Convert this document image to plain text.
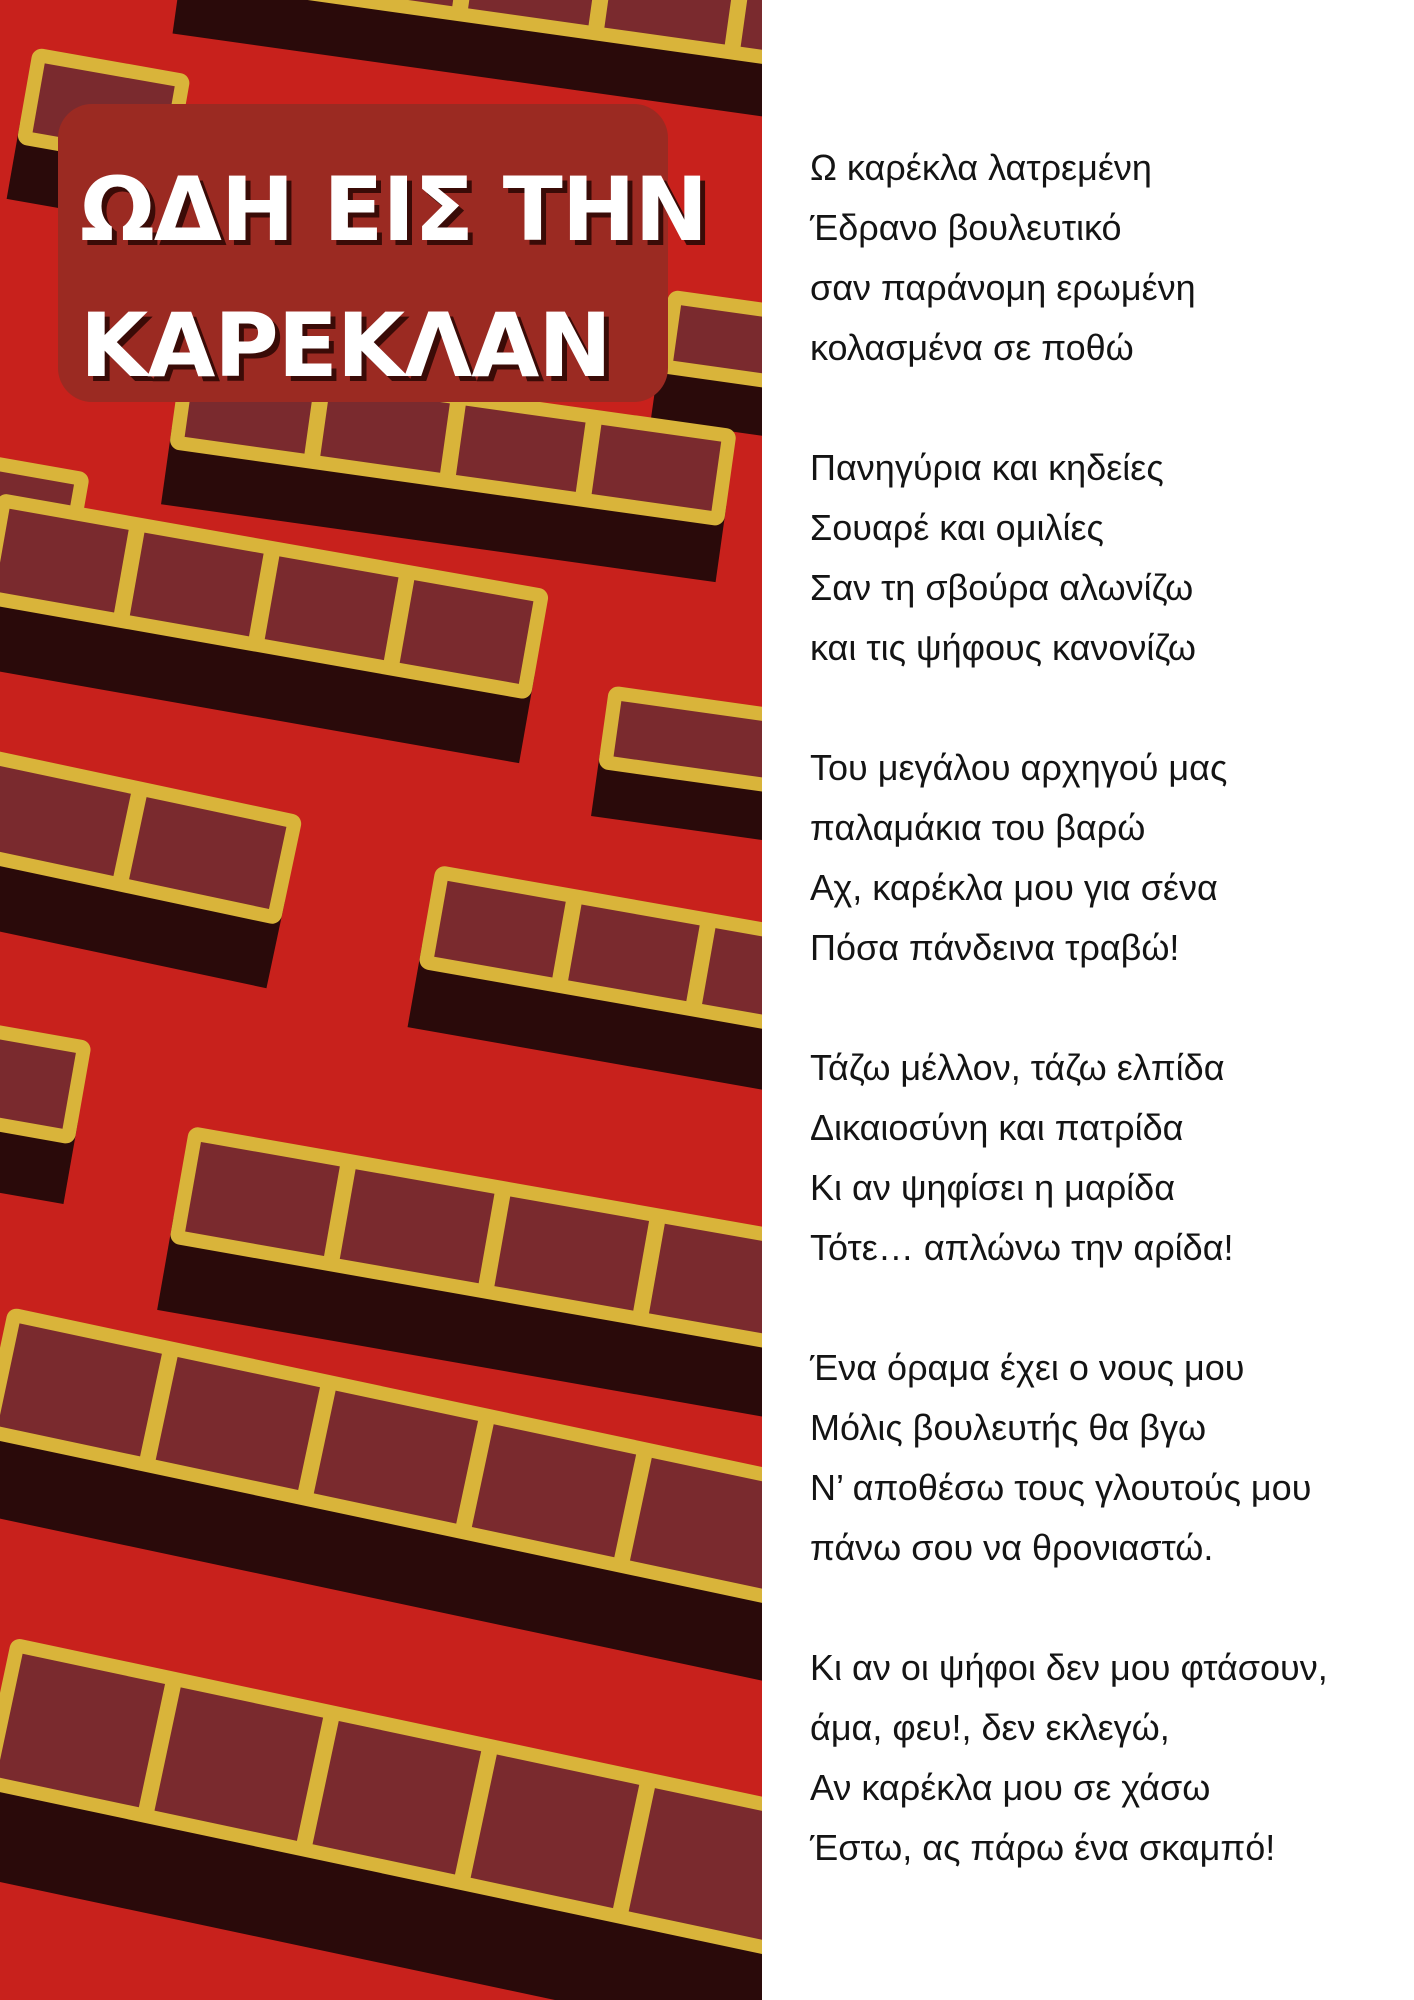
ΩΔΗ ΕΙΣ ΤΗΝ
ΚΑΡΕΚΛΑΝ
Ω καρέκλα λατρεμένη
Έδρανο βουλευτικό
σαν παράνομη ερωμένη
κολασμένα σε ποθώ
Πανηγύρια και κηδείες
Σουαρέ και ομιλίες
Σαν τη σβούρα αλωνίζω
και τις ψήφους κανονίζω
Του μεγάλου αρχηγού μας
παλαμάκια του βαρώ
Αχ, καρέκλα μου για σένα
Πόσα πάνδεινα τραβώ!
Τάζω μέλλον, τάζω ελπίδα
Δικαιοσύνη και πατρίδα
Κι αν ψηφίσει η μαρίδα
Τότε… απλώνω την αρίδα!
Ένα όραμα έχει ο νους μου
Μόλις βουλευτής θα βγω
Ν’ αποθέσω τους γλουτούς μου
πάνω σου να θρονιαστώ.
Κι αν οι ψήφοι δεν μου φτάσουν,
άμα, φευ!, δεν εκλεγώ,
Αν καρέκλα μου σε χάσω
Έστω, ας πάρω ένα σκαμπό!
